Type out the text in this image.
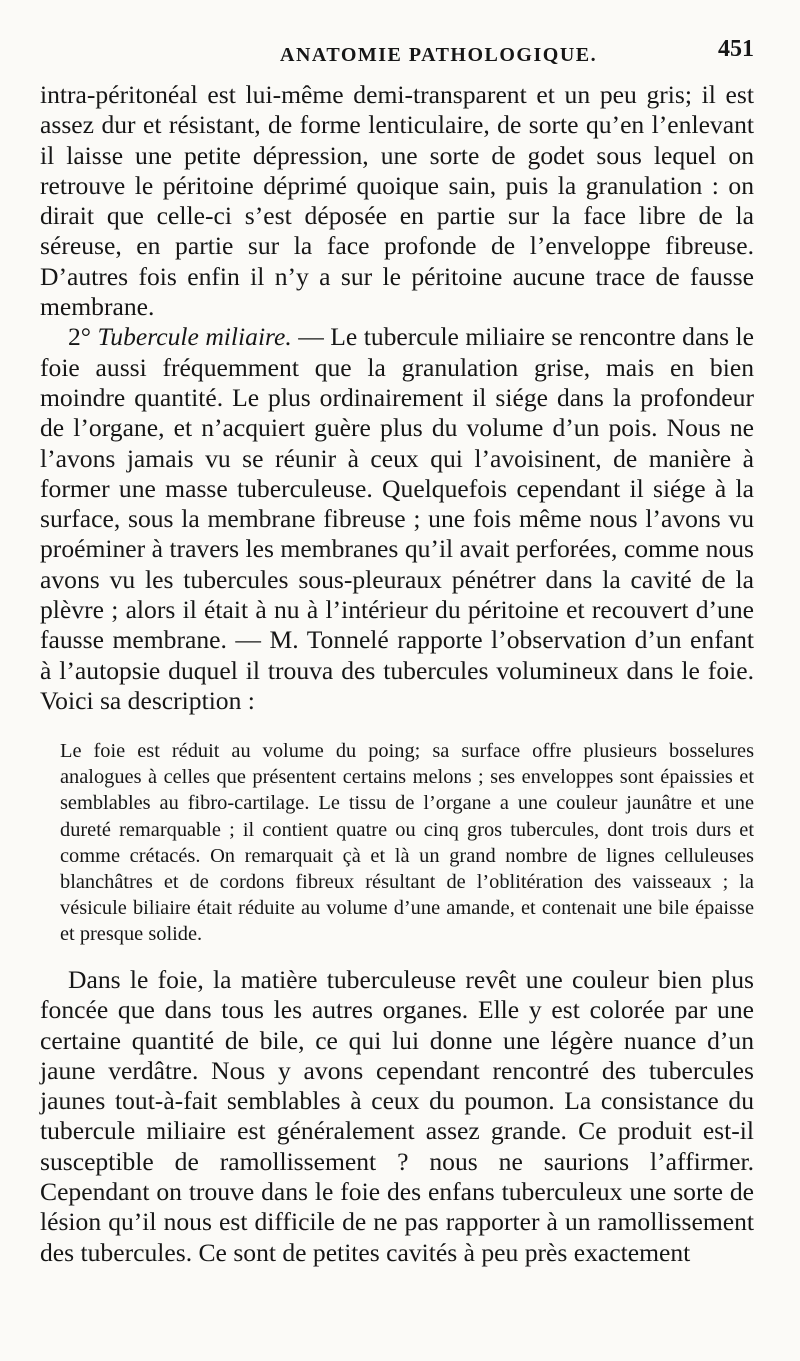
ANATOMIE PATHOLOGIQUE.	451

intra-péritonéal est lui-même demi-transparent et un peu gris; il est assez dur et résistant, de forme lenticulaire, de sorte qu’en l’enlevant il laisse une petite dépression, une sorte de godet sous lequel on retrouve le péritoine déprimé quoique sain, puis la granulation : on dirait que celle-ci s’est déposée en partie sur la face libre de la séreuse, en partie sur la face profonde de l’enveloppe fibreuse. D’autres fois enfin il n’y a sur le péritoine aucune trace de fausse membrane.

2° Tubercule miliaire. — Le tubercule miliaire se rencontre dans le foie aussi fréquemment que la granulation grise, mais en bien moindre quantité. Le plus ordinairement il siége dans la profondeur de l’organe, et n’acquiert guère plus du volume d’un pois. Nous ne l’avons jamais vu se réunir à ceux qui l’avoisinent, de manière à former une masse tuberculeuse. Quelquefois cependant il siége à la surface, sous la membrane fibreuse ; une fois même nous l’avons vu proéminer à travers les membranes qu’il avait perforées, comme nous avons vu les tubercules sous-pleuraux pénétrer dans la cavité de la plèvre ; alors il était à nu à l’intérieur du péritoine et recouvert d’une fausse membrane. — M. Tonnelé rapporte l’observation d’un enfant à l’autopsie duquel il trouva des tubercules volumineux dans le foie. Voici sa description :

Le foie est réduit au volume du poing; sa surface offre plusieurs bosselures analogues à celles que présentent certains melons ; ses enveloppes sont épaissies et semblables au fibro-cartilage. Le tissu de l’organe a une couleur jaunâtre et une dureté remarquable ; il contient quatre ou cinq gros tubercules, dont trois durs et comme crétacés. On remarquait çà et là un grand nombre de lignes celluleuses blanchâtres et de cordons fibreux résultant de l’oblitération des vaisseaux ; la vésicule biliaire était réduite au volume d’une amande, et contenait une bile épaisse et presque solide.

Dans le foie, la matière tuberculeuse revêt une couleur bien plus foncée que dans tous les autres organes. Elle y est colorée par une certaine quantité de bile, ce qui lui donne une légère nuance d’un jaune verdâtre. Nous y avons cependant rencontré des tubercules jaunes tout-à-fait semblables à ceux du poumon. La consistance du tubercule miliaire est généralement assez grande. Ce produit est-il susceptible de ramollissement ? nous ne saurions l’affirmer. Cependant on trouve dans le foie des enfans tuberculeux une sorte de lésion qu’il nous est difficile de ne pas rapporter à un ramollissement des tubercules. Ce sont de petites cavités à peu près exactement
